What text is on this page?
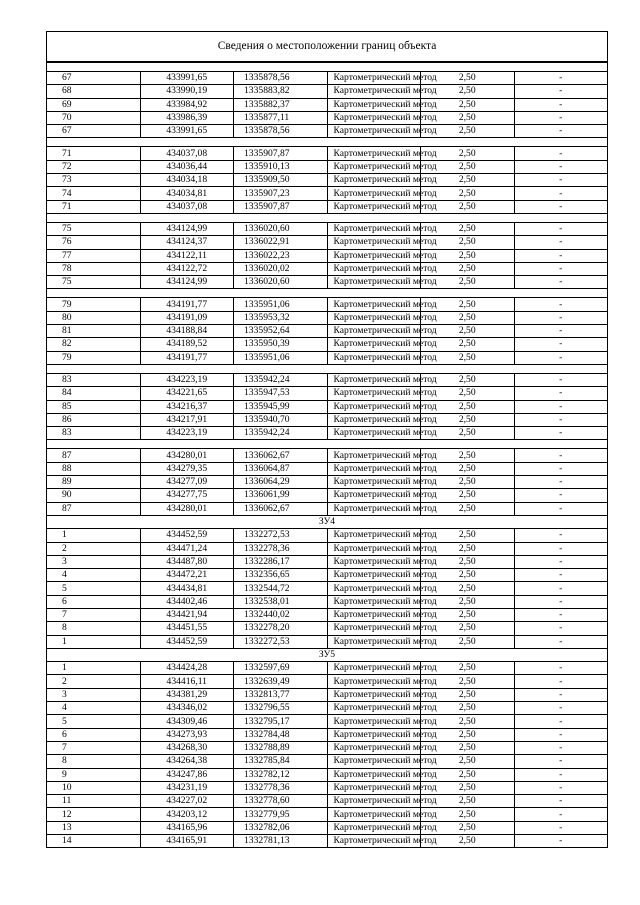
Сведения о местоположении границ объекта

67	433991,65	1335878,56	Картометрический метод	2,50	-
68	433990,19	1335883,82	Картометрический метод	2,50	-
69	433984,92	1335882,37	Картометрический метод	2,50	-
70	433986,39	1335877,11	Картометрический метод	2,50	-
67	433991,65	1335878,56	Картометрический метод	2,50	-

71	434037,08	1335907,87	Картометрический метод	2,50	-
72	434036,44	1335910,13	Картометрический метод	2,50	-
73	434034,18	1335909,50	Картометрический метод	2,50	-
74	434034,81	1335907,23	Картометрический метод	2,50	-
71	434037,08	1335907,87	Картометрический метод	2,50	-

75	434124,99	1336020,60	Картометрический метод	2,50	-
76	434124,37	1336022,91	Картометрический метод	2,50	-
77	434122,11	1336022,23	Картометрический метод	2,50	-
78	434122,72	1336020,02	Картометрический метод	2,50	-
75	434124,99	1336020,60	Картометрический метод	2,50	-

79	434191,77	1335951,06	Картометрический метод	2,50	-
80	434191,09	1335953,32	Картометрический метод	2,50	-
81	434188,84	1335952,64	Картометрический метод	2,50	-
82	434189,52	1335950,39	Картометрический метод	2,50	-
79	434191,77	1335951,06	Картометрический метод	2,50	-

83	434223,19	1335942,24	Картометрический метод	2,50	-
84	434221,65	1335947,53	Картометрический метод	2,50	-
85	434216,37	1335945,99	Картометрический метод	2,50	-
86	434217,91	1335940,70	Картометрический метод	2,50	-
83	434223,19	1335942,24	Картометрический метод	2,50	-

87	434280,01	1336062,67	Картометрический метод	2,50	-
88	434279,35	1336064,87	Картометрический метод	2,50	-
89	434277,09	1336064,29	Картометрический метод	2,50	-
90	434277,75	1336061,99	Картометрический метод	2,50	-
87	434280,01	1336062,67	Картометрический метод	2,50	-
ЗУ4					
1	434452,59	1332272,53	Картометрический метод	2,50	-
2	434471,24	1332278,36	Картометрический метод	2,50	-
3	434487,80	1332286,17	Картометрический метод	2,50	-
4	434472,21	1332356,65	Картометрический метод	2,50	-
5	434434,81	1332544,72	Картометрический метод	2,50	-
6	434402,46	1332538,01	Картометрический метод	2,50	-
7	434421,94	1332440,02	Картометрический метод	2,50	-
8	434451,55	1332278,20	Картометрический метод	2,50	-
1	434452,59	1332272,53	Картометрический метод	2,50	-
ЗУ5					
1	434424,28	1332597,69	Картометрический метод	2,50	-
2	434416,11	1332639,49	Картометрический метод	2,50	-
3	434381,29	1332813,77	Картометрический метод	2,50	-
4	434346,02	1332796,55	Картометрический метод	2,50	-
5	434309,46	1332795,17	Картометрический метод	2,50	-
6	434273,93	1332784,48	Картометрический метод	2,50	-
7	434268,30	1332788,89	Картометрический метод	2,50	-
8	434264,38	1332785,84	Картометрический метод	2,50	-
9	434247,86	1332782,12	Картометрический метод	2,50	-
10	434231,19	1332778,36	Картометрический метод	2,50	-
11	434227,02	1332778,60	Картометрический метод	2,50	-
12	434203,12	1332779,95	Картометрический метод	2,50	-
13	434165,96	1332782,06	Картометрический метод	2,50	-
14	434165,91	1332781,13	Картометрический метод	2,50	-
